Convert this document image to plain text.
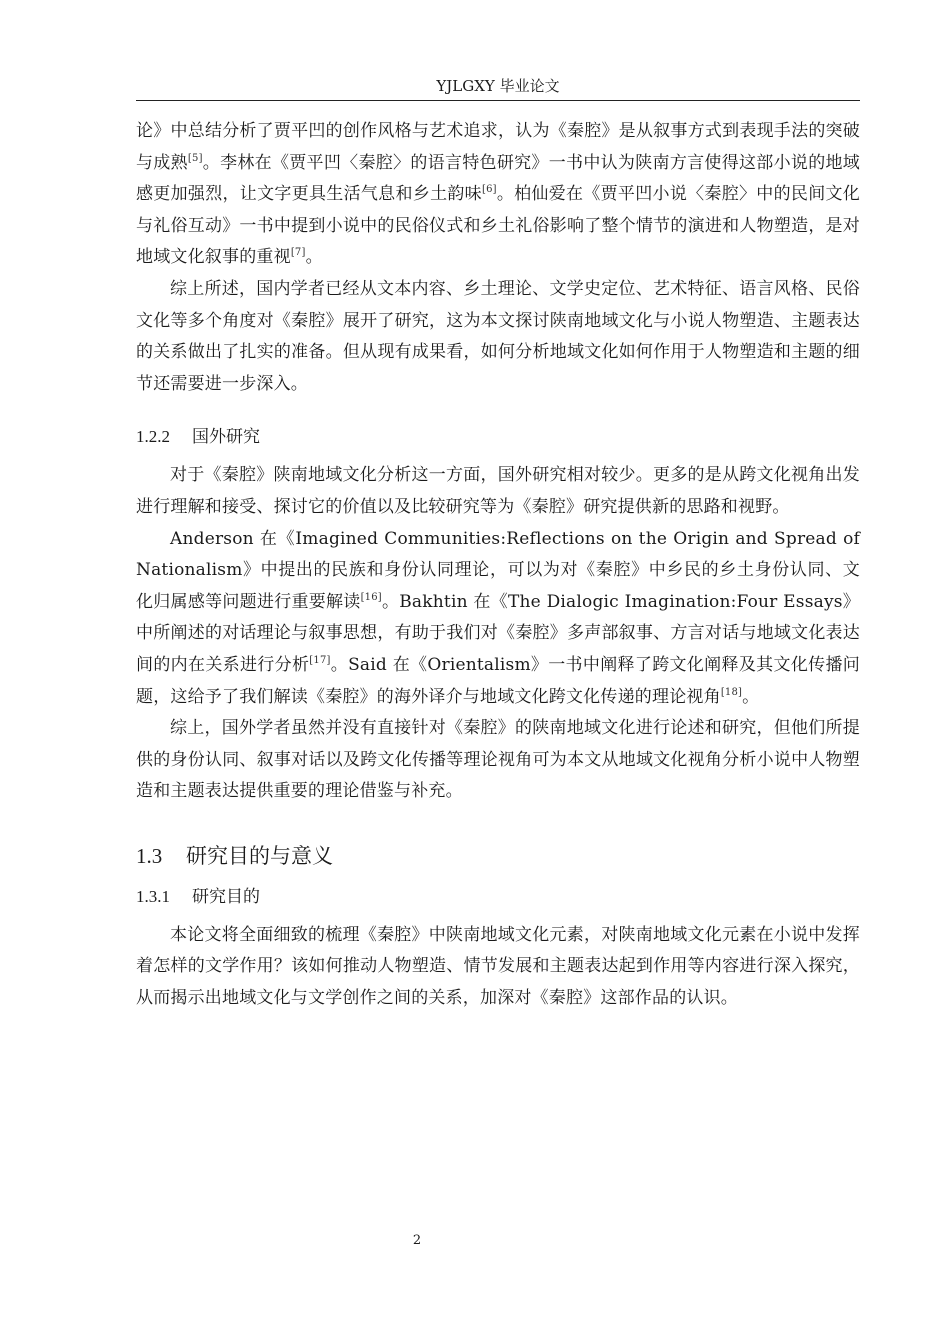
YJLGXY 毕业论文

论》中总结分析了贾平凹的创作风格与艺术追求，认为《秦腔》是从叙事方式到表现手法的突破与成熟[5]。李林在《贾平凹〈秦腔〉的语言特色研究》一书中认为陕南方言使得这部小说的地域感更加强烈，让文字更具生活气息和乡土韵味[6]。柏仙爱在《贾平凹小说〈秦腔〉中的民间文化与礼俗互动》一书中提到小说中的民俗仪式和乡土礼俗影响了整个情节的演进和人物塑造，是对地域文化叙事的重视[7]。

综上所述，国内学者已经从文本内容、乡土理论、文学史定位、艺术特征、语言风格、民俗文化等多个角度对《秦腔》展开了研究，这为本文探讨陕南地域文化与小说人物塑造、主题表达的关系做出了扎实的准备。但从现有成果看，如何分析地域文化如何作用于人物塑造和主题的细节还需要进一步深入。

1.2.2 国外研究

对于《秦腔》陕南地域文化分析这一方面，国外研究相对较少。更多的是从跨文化视角出发进行理解和接受、探讨它的价值以及比较研究等为《秦腔》研究提供新的思路和视野。

Anderson 在《Imagined Communities:Reflections on the Origin and Spread of Nationalism》中提出的民族和身份认同理论，可以为对《秦腔》中乡民的乡土身份认同、文化归属感等问题进行重要解读[16]。Bakhtin 在《The Dialogic Imagination:Four Essays》中所阐述的对话理论与叙事思想，有助于我们对《秦腔》多声部叙事、方言对话与地域文化表达间的内在关系进行分析[17]。Said 在《Orientalism》一书中阐释了跨文化阐释及其文化传播问题，这给予了我们解读《秦腔》的海外译介与地域文化跨文化传递的理论视角[18]。

综上，国外学者虽然并没有直接针对《秦腔》的陕南地域文化进行论述和研究，但他们所提供的身份认同、叙事对话以及跨文化传播等理论视角可为本文从地域文化视角分析小说中人物塑造和主题表达提供重要的理论借鉴与补充。

1.3 研究目的与意义
1.3.1 研究目的

本论文将全面细致的梳理《秦腔》中陕南地域文化元素，对陕南地域文化元素在小说中发挥着怎样的文学作用？该如何推动人物塑造、情节发展和主题表达起到作用等内容进行深入探究，从而揭示出地域文化与文学创作之间的关系，加深对《秦腔》这部作品的认识。

2
